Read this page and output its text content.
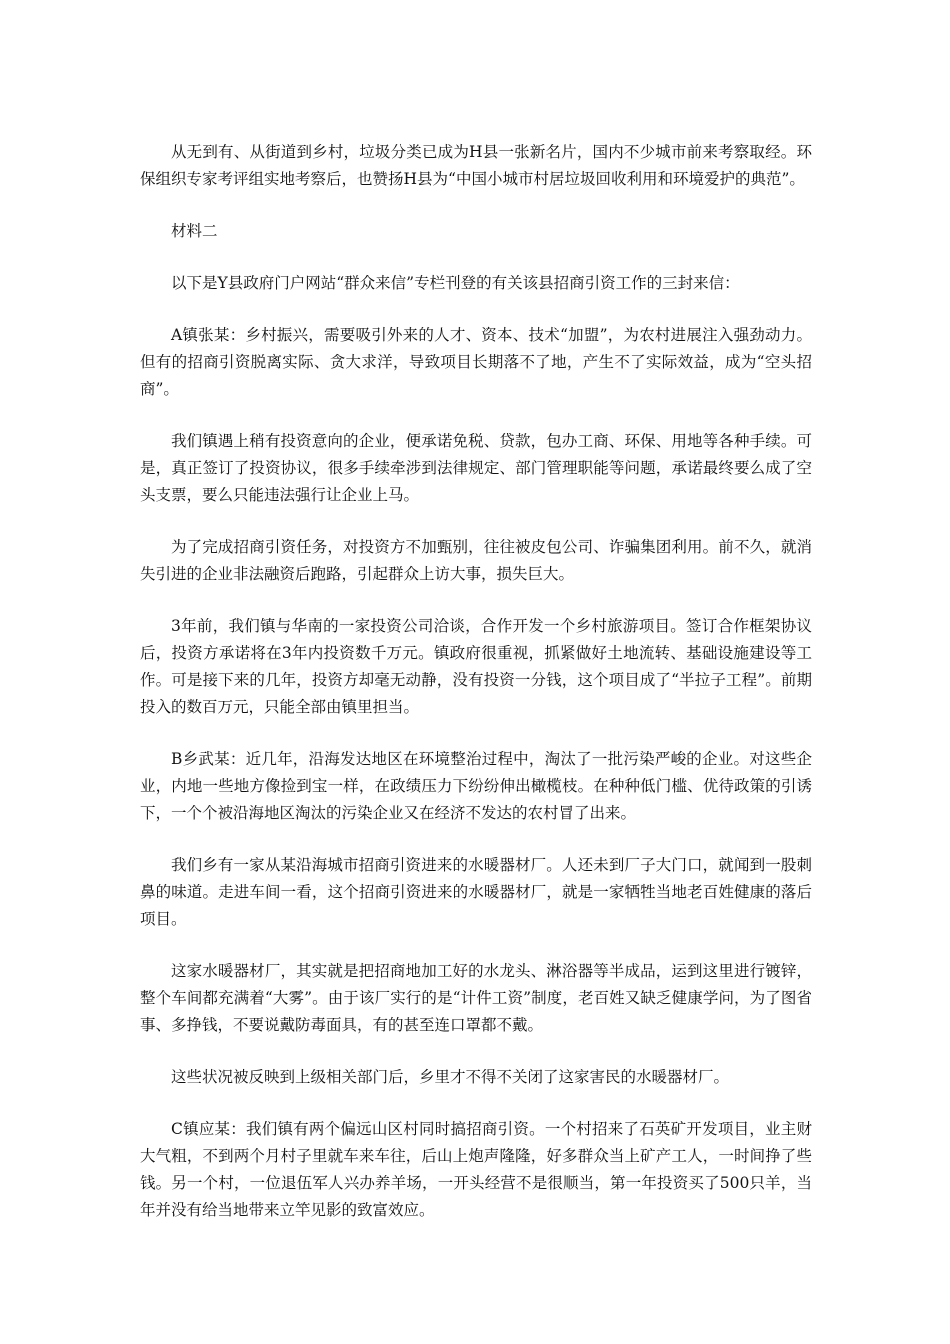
从无到有、从街道到乡村，垃圾分类已成为H县一张新名片，国内不少城市前来考察取经。环保组织专家考评组实地考察后，也赞扬H县为“中国小城市村居垃圾回收利用和环境爱护的典范”。

材料二

以下是Y县政府门户网站“群众来信”专栏刊登的有关该县招商引资工作的三封来信：

A镇张某：乡村振兴，需要吸引外来的人才、资本、技术“加盟”，为农村进展注入强劲动力。但有的招商引资脱离实际、贪大求洋，导致项目长期落不了地，产生不了实际效益，成为“空头招商”。

我们镇遇上稍有投资意向的企业，便承诺免税、贷款，包办工商、环保、用地等各种手续。可是，真正签订了投资协议，很多手续牵涉到法律规定、部门管理职能等问题，承诺最终要么成了空头支票，要么只能违法强行让企业上马。

为了完成招商引资任务，对投资方不加甄别，往往被皮包公司、诈骗集团利用。前不久，就消失引进的企业非法融资后跑路，引起群众上访大事，损失巨大。

3年前，我们镇与华南的一家投资公司洽谈，合作开发一个乡村旅游项目。签订合作框架协议后，投资方承诺将在3年内投资数千万元。镇政府很重视，抓紧做好土地流转、基础设施建设等工作。可是接下来的几年，投资方却毫无动静，没有投资一分钱，这个项目成了“半拉子工程”。前期投入的数百万元，只能全部由镇里担当。

B乡武某：近几年，沿海发达地区在环境整治过程中，淘汰了一批污染严峻的企业。对这些企业，内地一些地方像捡到宝一样，在政绩压力下纷纷伸出橄榄枝。在种种低门槛、优待政策的引诱下，一个个被沿海地区淘汰的污染企业又在经济不发达的农村冒了出来。

我们乡有一家从某沿海城市招商引资进来的水暖器材厂。人还未到厂子大门口，就闻到一股刺鼻的味道。走进车间一看，这个招商引资进来的水暖器材厂，就是一家牺牲当地老百姓健康的落后项目。

这家水暖器材厂，其实就是把招商地加工好的水龙头、淋浴器等半成品，运到这里进行镀锌，整个车间都充满着“大雾”。由于该厂实行的是“计件工资”制度，老百姓又缺乏健康学问，为了图省事、多挣钱，不要说戴防毒面具，有的甚至连口罩都不戴。

这些状况被反映到上级相关部门后，乡里才不得不关闭了这家害民的水暖器材厂。

C镇应某：我们镇有两个偏远山区村同时搞招商引资。一个村招来了石英矿开发项目，业主财大气粗，不到两个月村子里就车来车往，后山上炮声隆隆，好多群众当上矿产工人，一时间挣了些钱。另一个村，一位退伍军人兴办养羊场，一开头经营不是很顺当，第一年投资买了500只羊，当年并没有给当地带来立竿见影的致富效应。
